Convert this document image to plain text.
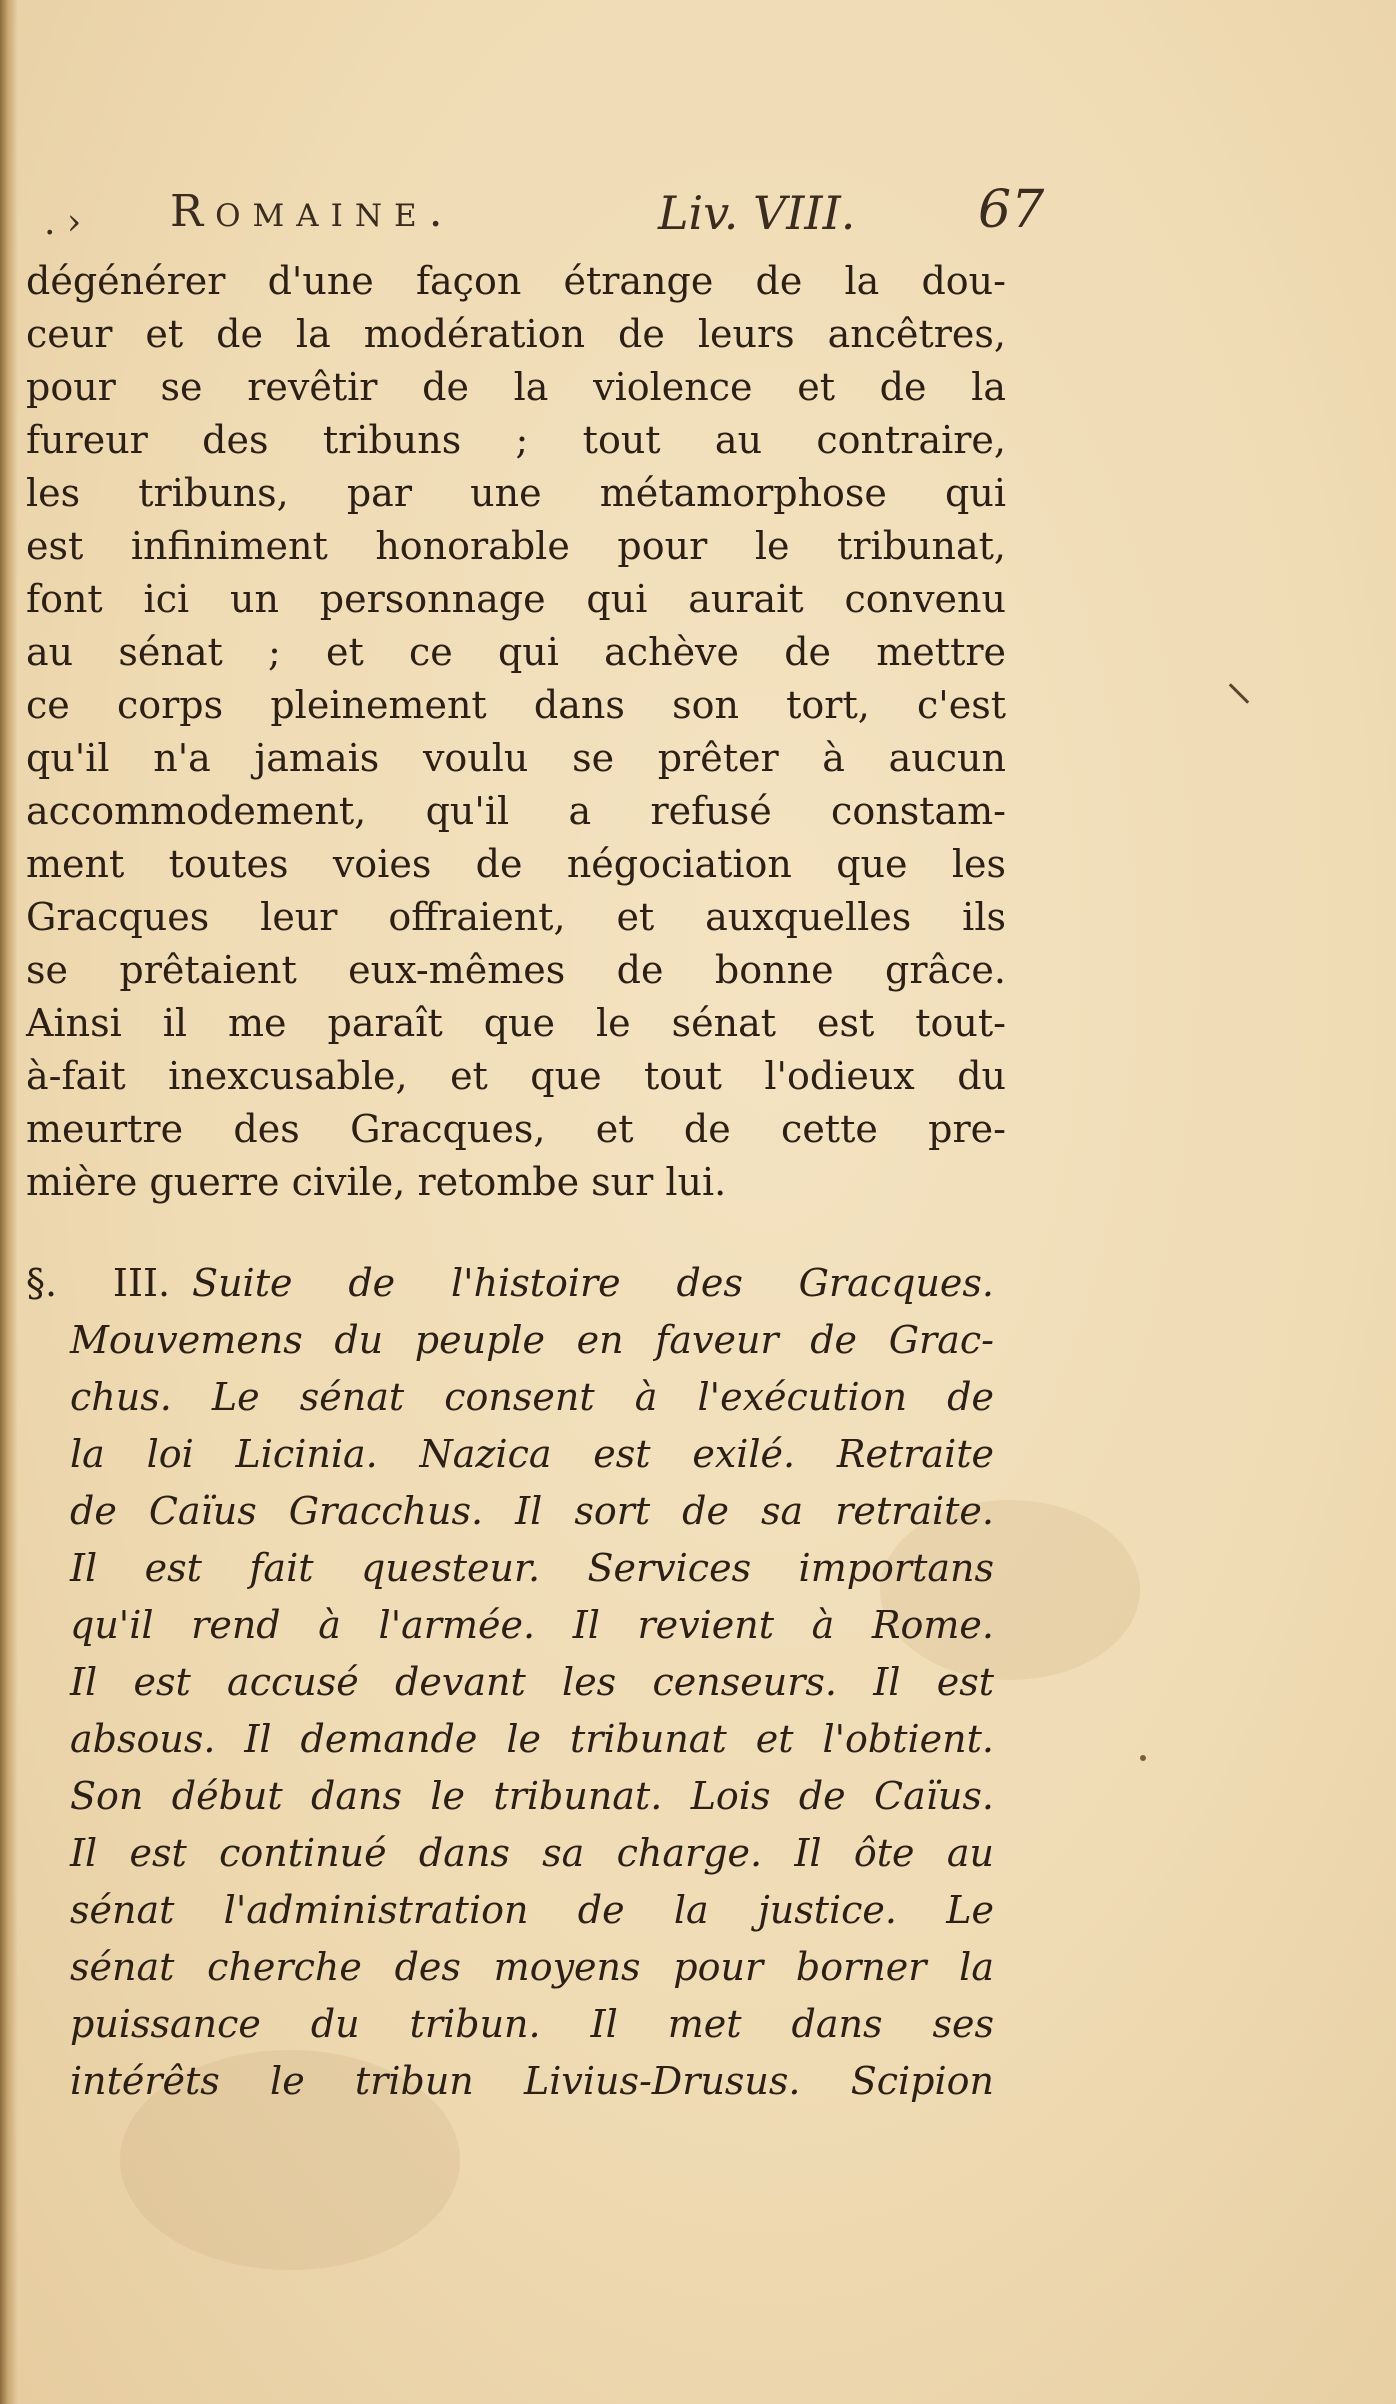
. › Romaine.	Liv. VIII. 67
dégénérer d'une façon étrange de la dou-
ceur et de la modération de leurs ancêtres,
pour se revêtir de la violence et de la
fureur des tribuns ; tout au contraire,
les tribuns, par une métamorphose qui
est infiniment honorable pour le tribunat,
font ici un personnage qui aurait convenu
au sénat ; et ce qui achève de mettre
ce corps pleinement dans son tort, c'est
qu'il n'a jamais voulu se prêter à aucun
accommodement, qu'il a refusé constam-
ment toutes voies de négociation que les
Gracques leur offraient, et auxquelles ils
se prêtaient eux-mêmes de bonne grâce.
Ainsi il me paraît que le sénat est tout-
à-fait inexcusable, et que tout l'odieux du
meurtre des Gracques, et de cette pre-
mière guerre civile, retombe sur lui.
§. III. Suite de l'histoire des Gracques.
Mouvemens du peuple en faveur de Grac-
chus. Le sénat consent à l'exécution de
la loi Licinia. Nazica est exilé. Retraite
de Caïus Gracchus. Il sort de sa retraite.
Il est fait questeur. Services importans
qu'il rend à l'armée. Il revient à Rome.
Il est accusé devant les censeurs. Il est
absous. Il demande le tribunat et l'obtient.
Son début dans le tribunat. Lois de Caïus.
Il est continué dans sa charge. Il ôte au
sénat l'administration de la justice. Le
sénat cherche des moyens pour borner la
puissance du tribun. Il met dans ses
intérêts le tribun Livius-Drusus. Scipion
